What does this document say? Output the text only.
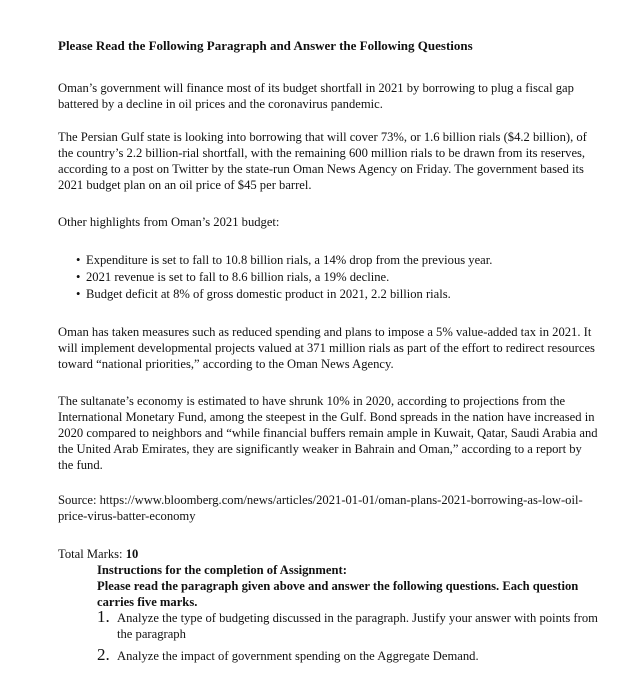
Please Read the Following Paragraph and Answer the Following Questions

Oman’s government will finance most of its budget shortfall in 2021 by borrowing to plug a fiscal gap battered by a decline in oil prices and the coronavirus pandemic.

The Persian Gulf state is looking into borrowing that will cover 73%, or 1.6 billion rials ($4.2 billion), of the country’s 2.2 billion-rial shortfall, with the remaining 600 million rials to be drawn from its reserves, according to a post on Twitter by the state-run Oman News Agency on Friday. The government based its 2021 budget plan on an oil price of $45 per barrel.

Other highlights from Oman’s 2021 budget:

• Expenditure is set to fall to 10.8 billion rials, a 14% drop from the previous year.
• 2021 revenue is set to fall to 8.6 billion rials, a 19% decline.
• Budget deficit at 8% of gross domestic product in 2021, 2.2 billion rials.

Oman has taken measures such as reduced spending and plans to impose a 5% value-added tax in 2021. It will implement developmental projects valued at 371 million rials as part of the effort to redirect resources toward “national priorities,” according to the Oman News Agency.

The sultanate’s economy is estimated to have shrunk 10% in 2020, according to projections from the International Monetary Fund, among the steepest in the Gulf. Bond spreads in the nation have increased in 2020 compared to neighbors and “while financial buffers remain ample in Kuwait, Qatar, Saudi Arabia and the United Arab Emirates, they are significantly weaker in Bahrain and Oman,” according to a report by the fund.

Source: https://www.bloomberg.com/news/articles/2021-01-01/oman-plans-2021-borrowing-as-low-oil-price-virus-batter-economy

Total Marks: 10

Instructions for the completion of Assignment:
Please read the paragraph given above and answer the following questions. Each question carries five marks.
1. Analyze the type of budgeting discussed in the paragraph. Justify your answer with points from the paragraph
2. Analyze the impact of government spending on the Aggregate Demand.
